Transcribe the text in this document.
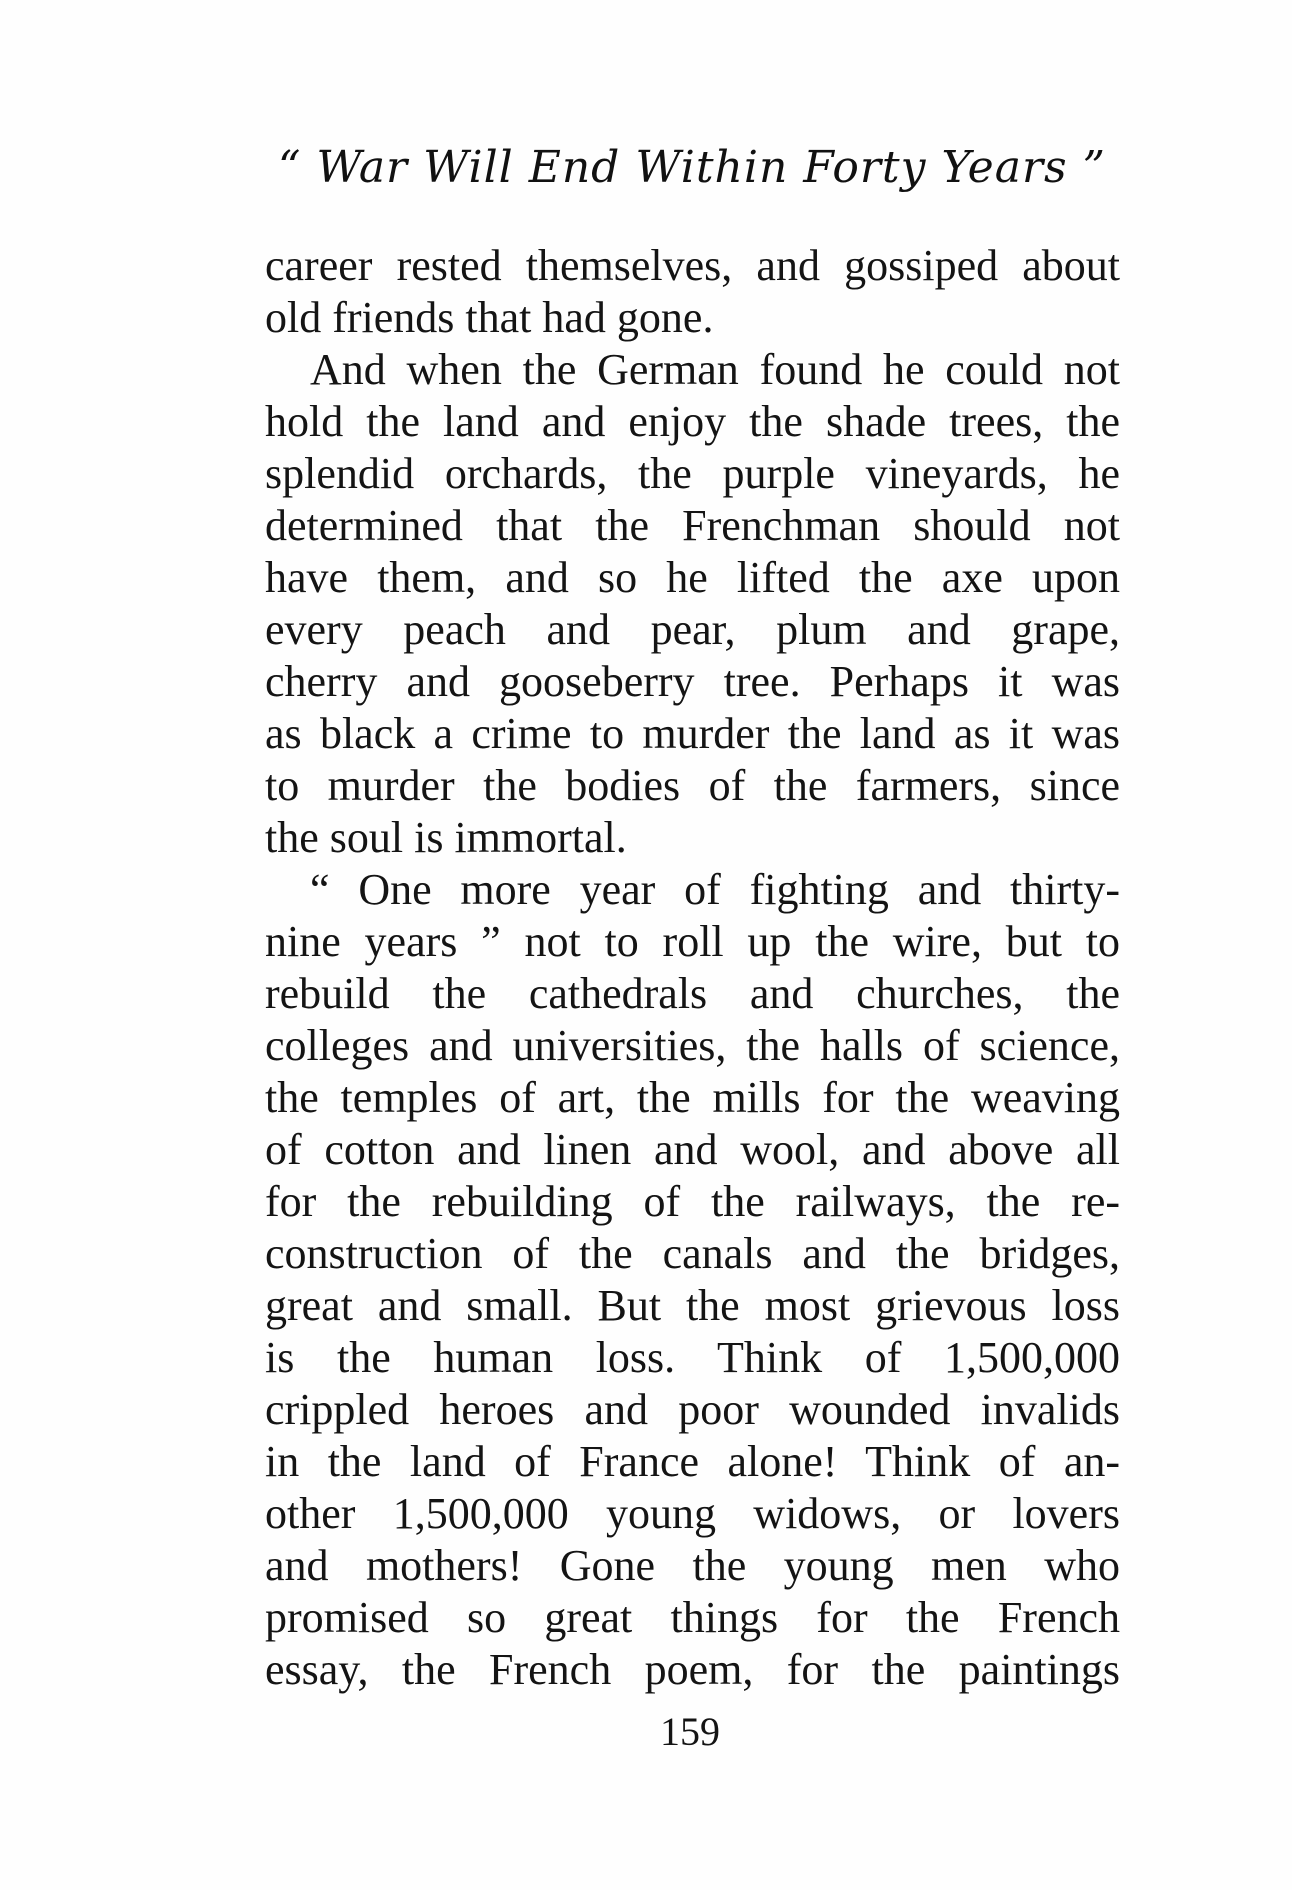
“ War Will End Within Forty Years ”
career rested themselves, and gossiped about
old friends that had gone.
And when the German found he could not
hold the land and enjoy the shade trees, the
splendid orchards, the purple vineyards, he
determined that the Frenchman should not
have them, and so he lifted the axe upon
every peach and pear, plum and grape,
cherry and gooseberry tree. Perhaps it was
as black a crime to murder the land as it was
to murder the bodies of the farmers, since
the soul is immortal.
“ One more year of fighting and thirty-
nine years ” not to roll up the wire, but to
rebuild the cathedrals and churches, the
colleges and universities, the halls of science,
the temples of art, the mills for the weaving
of cotton and linen and wool, and above all
for the rebuilding of the railways, the re-
construction of the canals and the bridges,
great and small. But the most grievous loss
is the human loss. Think of 1,500,000
crippled heroes and poor wounded invalids
in the land of France alone! Think of an-
other 1,500,000 young widows, or lovers
and mothers! Gone the young men who
promised so great things for the French
essay, the French poem, for the paintings
159
